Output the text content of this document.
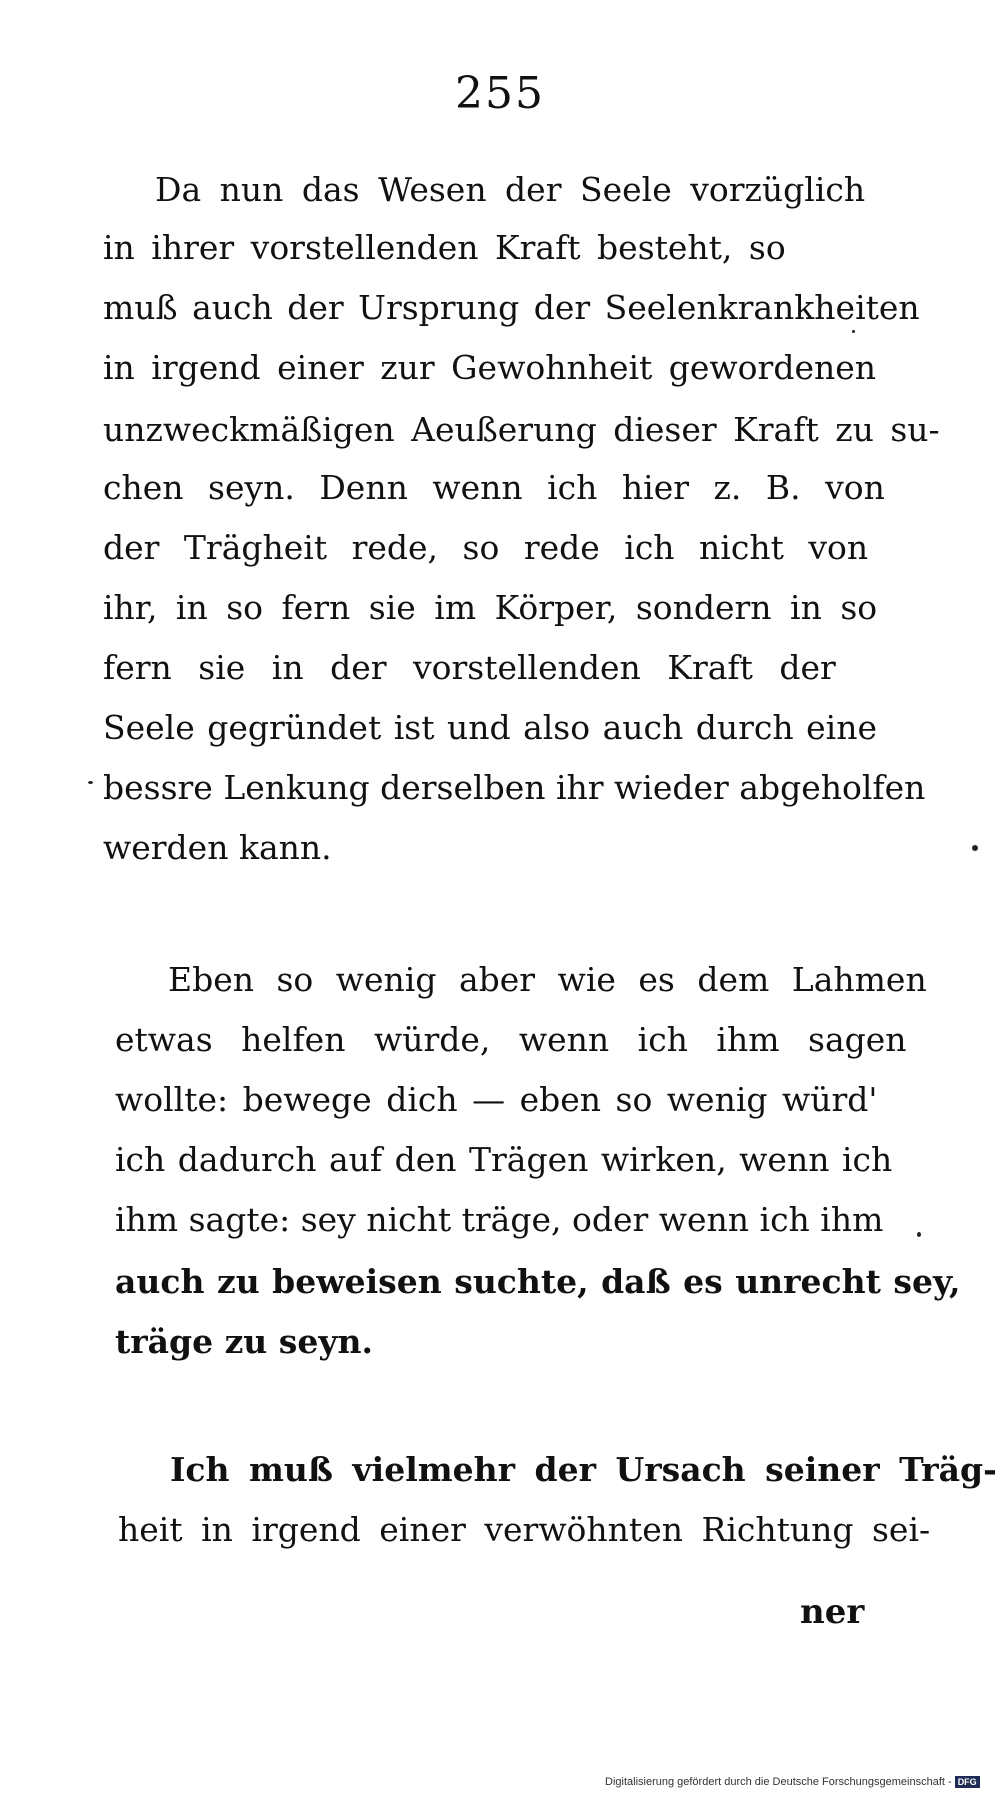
255
Da nun das Wesen der Seele vorzüglich
in ihrer vorstellenden Kraft besteht, so
muß auch der Ursprung der Seelenkrankheiten
in irgend einer zur Gewohnheit gewordenen
unzweckmäßigen Aeußerung dieser Kraft zu su-
chen seyn. Denn wenn ich hier z. B. von
der Trägheit rede, so rede ich nicht von
ihr, in so fern sie im Körper, sondern in so
fern sie in der vorstellenden Kraft der
Seele gegründet ist und also auch durch eine
bessre Lenkung derselben ihr wieder abgeholfen
werden kann.
Eben so wenig aber wie es dem Lahmen
etwas helfen würde, wenn ich ihm sagen
wollte: bewege dich — eben so wenig würd'
ich dadurch auf den Trägen wirken, wenn ich
ihm sagte: sey nicht träge, oder wenn ich ihm
auch zu beweisen suchte, daß es unrecht sey,
träge zu seyn.
Ich muß vielmehr der Ursach seiner Träg-
heit in irgend einer verwöhnten Richtung sei-
ner
Digitalisierung gefördert durch die Deutsche Forschungsgemeinschaft - DFG
